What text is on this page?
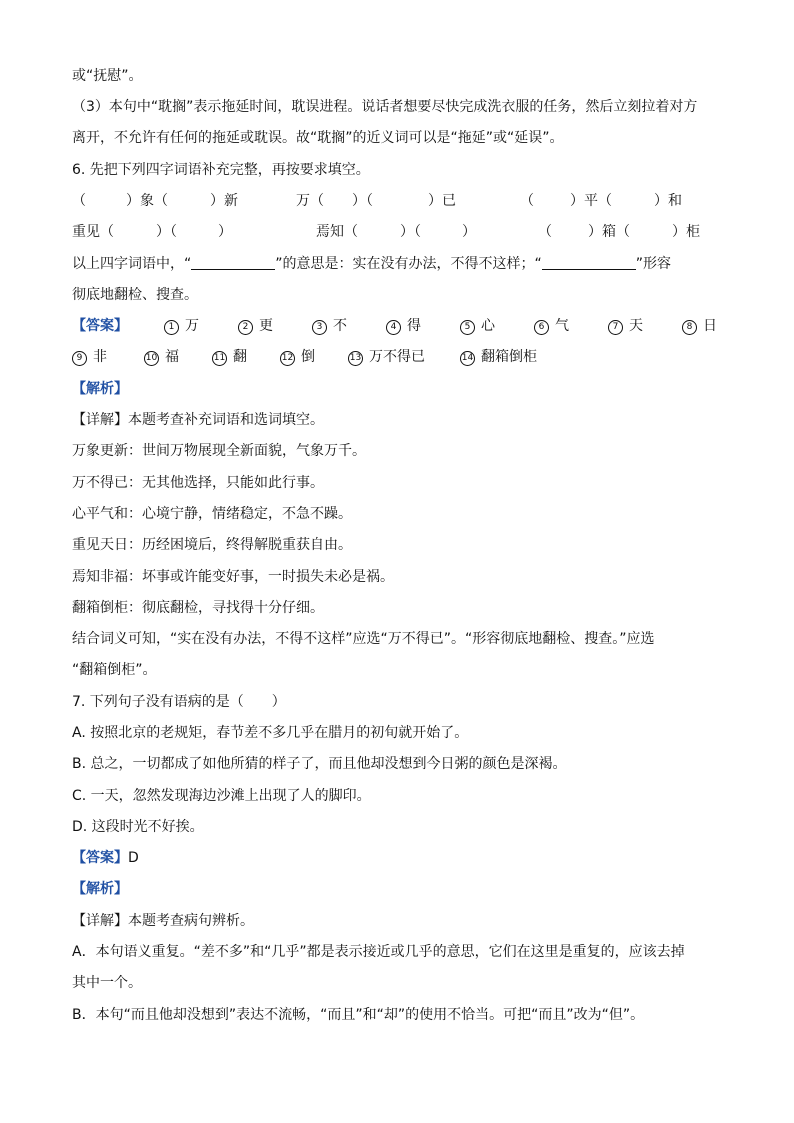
或“抚慰”。
（3）本句中“耽搁”表示拖延时间，耽误进程。说话者想要尽快完成洗衣服的任务，然后立刻拉着对方
离开，不允许有任何的拖延或耽误。故“耽搁”的近义词可以是“拖延”或“延误”。
6. 先把下列四字词语补充完整，再按要求填空。
（	）象（	）新	万（ ）（	）已	（	）平（	）和
重见（	）（	）	焉知（	）（	）	（	）箱（	）柜
以上四字词语中，“	”的意思是：实在没有办法，不得不这样；“	”形容
彻底地翻检、搜查。
【答案】	1 万	2 更	3 不	4 得	5 心	6 气	7 天	8 日
9 非	10 福	11 翻	12 倒	13 万不得已	14 翻箱倒柜
【解析】
【详解】本题考查补充词语和选词填空。
万象更新：世间万物展现全新面貌，气象万千。
万不得已：无其他选择，只能如此行事。
心平气和：心境宁静，情绪稳定，不急不躁。
重见天日：历经困境后，终得解脱重获自由。
焉知非福：坏事或许能变好事，一时损失未必是祸。
翻箱倒柜：彻底翻检，寻找得十分仔细。
结合词义可知，“实在没有办法，不得不这样”应选“万不得已”。“形容彻底地翻检、搜查。”应选
“翻箱倒柜”。
7. 下列句子没有语病的是（　　）
A. 按照北京的老规矩，春节差不多几乎在腊月的初旬就开始了。
B. 总之，一切都成了如他所猜的样子了，而且他却没想到今日粥的颜色是深褐。
C. 一天，忽然发现海边沙滩上出现了人的脚印。
D. 这段时光不好挨。
【答案】D
【解析】
【详解】本题考查病句辨析。
A．本句语义重复。“差不多”和“几乎”都是表示接近或几乎的意思，它们在这里是重复的，应该去掉
其中一个。
B．本句“而且他却没想到”表达不流畅，“而且”和“却”的使用不恰当。可把“而且”改为“但”。
